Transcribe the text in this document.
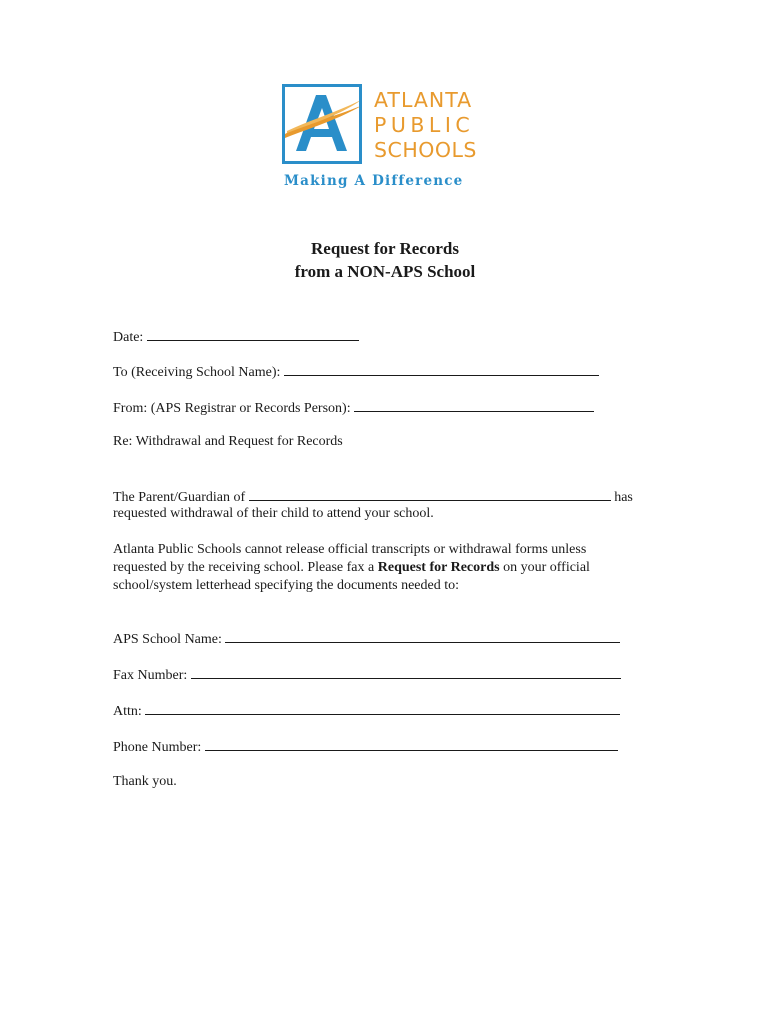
ATLANTA
PUBLIC
SCHOOLS
Making A Difference
Request for Records
from a NON-APS School
Date:
To (Receiving School Name):
From: (APS Registrar or Records Person):
Re: Withdrawal and Request for Records
The Parent/Guardian of	has
requested withdrawal of their child to attend your school.
Atlanta Public Schools cannot release official transcripts or withdrawal forms unless
requested by the receiving school. Please fax a Request for Records on your official
school/system letterhead specifying the documents needed to:
APS School Name:
Fax Number:
Attn:
Phone Number:
Thank you.
